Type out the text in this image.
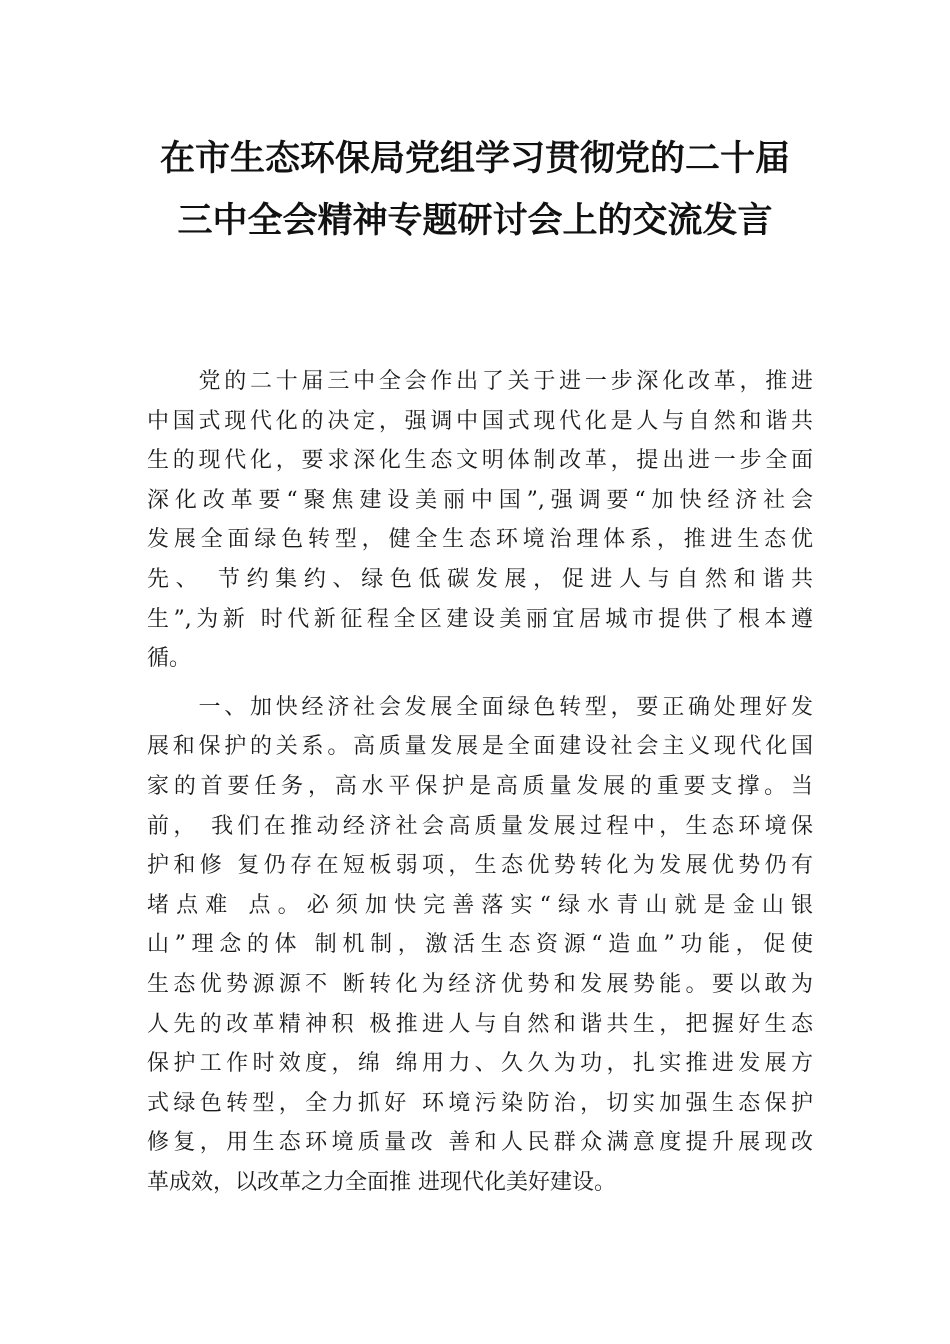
在市生态环保局党组学习贯彻党的二十届
三中全会精神专题研讨会上的交流发言

　　党的二十届三中全会作出了关于进一步深化改革，推进
中国式现代化的决定，强调中国式现代化是人与自然和谐共
生的现代化，要求深化生态文明体制改革，提出进一步全面
深化改革要“聚焦建设美丽中国”,强调要“加快经济社会
发展全面绿色转型，健全生态环境治理体系，推进生态优
先、 节约集约、绿色低碳发展，促进人与自然和谐共
生”,为新 时代新征程全区建设美丽宜居城市提供了根本遵
循。

　　一、加快经济社会发展全面绿色转型，要正确处理好发
展和保护的关系。高质量发展是全面建设社会主义现代化国
家的首要任务，高水平保护是高质量发展的重要支撑。当
前， 我们在推动经济社会高质量发展过程中，生态环境保
护和修 复仍存在短板弱项，生态优势转化为发展优势仍有
堵点难 点。必须加快完善落实“绿水青山就是金山银
山”理念的体 制机制，激活生态资源“造血”功能，促使
生态优势源源不 断转化为经济优势和发展势能。要以敢为
人先的改革精神积 极推进人与自然和谐共生，把握好生态
保护工作时效度，绵 绵用力、久久为功，扎实推进发展方
式绿色转型，全力抓好 环境污染防治，切实加强生态保护
修复，用生态环境质量改 善和人民群众满意度提升展现改
革成效，以改革之力全面推 进现代化美好建设。
